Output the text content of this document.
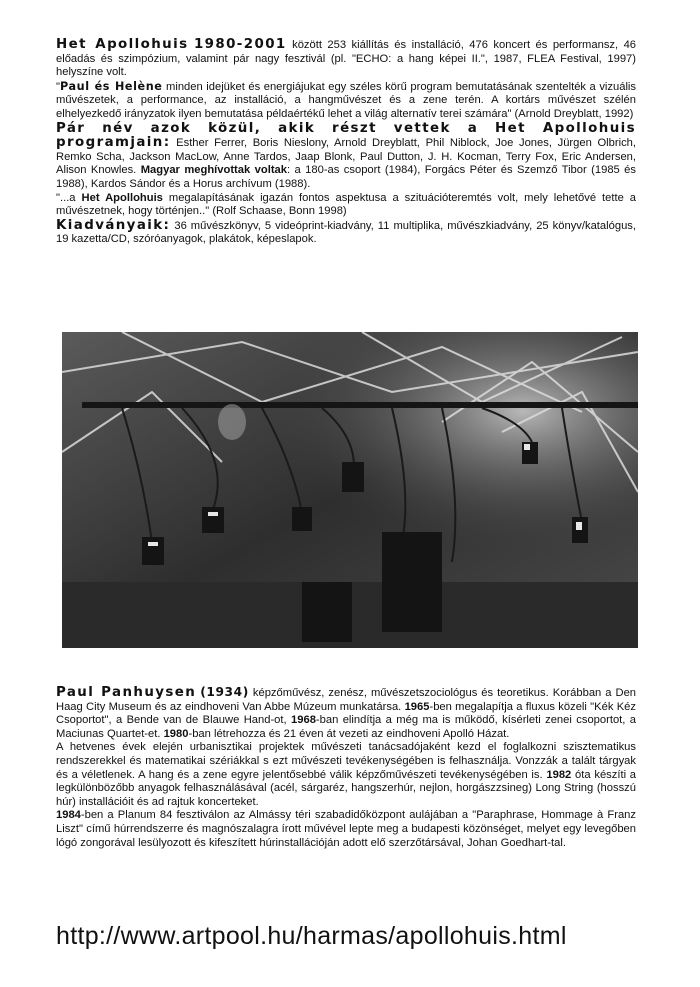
Het Apollohuis 1980-2001 között 253 kiállítás és installáció, 476 koncert és performansz, 46 előadás és szimpózium, valamint pár nagy fesztivál (pl. "ECHO: a hang képei II.", 1987, FLEA Festival, 1997) helyszíne volt.

"Paul és Helène minden idejüket és energiájukat egy széles körű program bemutatásának szentelték a vizuális művészetek, a performance, az installáció, a hangművészet és a zene terén. A kortárs művészet szélén elhelyezkedő irányzatok ilyen bemutatása példaértékű lehet a világ alternatív terei számára" (Arnold Dreyblatt, 1992)

Pár név azok közül, akik részt vettek a Het Apollohuis programjain: Esther Ferrer, Boris Nieslony, Arnold Dreyblatt, Phil Niblock, Joe Jones, Jürgen Olbrich, Remko Scha, Jackson MacLow, Anne Tardos, Jaap Blonk, Paul Dutton, J. H. Kocman, Terry Fox, Eric Andersen, Alison Knowles. Magyar meghívottak voltak: a 180-as csoport (1984), Forgács Péter és Szemző Tibor (1985 és 1988), Kardos Sándor és a Horus archívum (1988).

"...a Het Apollohuis megalapításának igazán fontos aspektusa a szituációteremtés volt, mely lehetővé tette a művészetnek, hogy történjen.." (Rolf Schaase, Bonn 1998)

Kiadványaik: 36 művészkönyv, 5 videóprint-kiadvány, 11 multiplika, művészkiadvány, 25 könyv/katalógus, 19 kazetta/CD, szóróanyagok, plakátok, képeslapok.

Paul Panhuysen (1934) képzőművész, zenész, művészetszociológus és teoretikus. Korábban a Den Haag City Museum és az eindhoveni Van Abbe Múzeum munkatársa. 1965-ben megalapítja a fluxus közeli "Kék Kéz Csoportot", a Bende van de Blauwe Hand-ot, 1968-ban elindítja a még ma is működő, kísérleti zenei csoportot, a Maciunas Quartet-et. 1980-ban létrehozza és 21 éven át vezeti az eindhoveni Apolló Házat.

A hetvenes évek elején urbanisztikai projektek művészeti tanácsadójaként kezd el foglalkozni szisztematikus rendszerekkel és matematikai szériákkal s ezt művészeti tevékenységében is felhasználja. Vonzzák a talált tárgyak és a véletlenek. A hang és a zene egyre jelentősebbé válik képzőművészeti tevékenységében is. 1982 óta készíti a legkülönbözőbb anyagok felhasználásával (acél, sárgaréz, hangszerhúr, nejlon, horgászzsineg) Long String (hosszú húr) installációit és ad rajtuk koncerteket.

1984-ben a Planum 84 fesztiválon az Almássy téri szabadidőközpont aulájában a "Paraphrase, Hommage à Franz Liszt" című húrrendszerre és magnószalagra írott művével lepte meg a budapesti közönséget, melyet egy levegőben lógó zongorával lesülyozott és kifeszített húrinstallációján adott elő szerzőtársával, Johan Goedhart-tal.

http://www.artpool.hu/harmas/apollohuis.html
